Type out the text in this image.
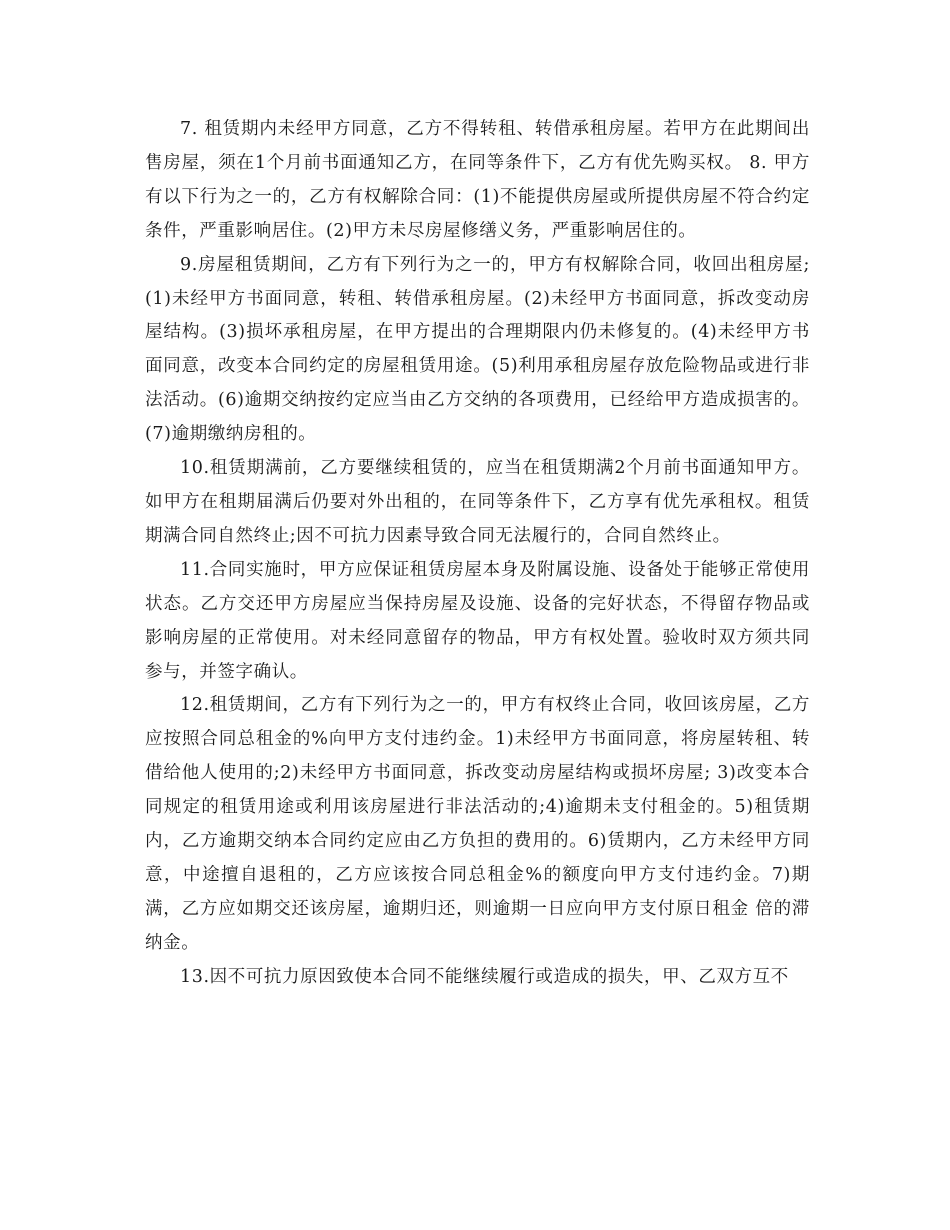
7. 租赁期内未经甲方同意，乙方不得转租、转借承租房屋。若甲方在此期间出售房屋，须在1个月前书面通知乙方，在同等条件下，乙方有优先购买权。 8. 甲方有以下行为之一的，乙方有权解除合同：(1)不能提供房屋或所提供房屋不符合约定条件，严重影响居住。(2)甲方未尽房屋修缮义务，严重影响居住的。

9.房屋租赁期间，乙方有下列行为之一的，甲方有权解除合同，收回出租房屋;(1)未经甲方书面同意，转租、转借承租房屋。(2)未经甲方书面同意，拆改变动房屋结构。(3)损坏承租房屋，在甲方提出的合理期限内仍未修复的。(4)未经甲方书面同意，改变本合同约定的房屋租赁用途。(5)利用承租房屋存放危险物品或进行非法活动。(6)逾期交纳按约定应当由乙方交纳的各项费用，已经给甲方造成损害的。(7)逾期缴纳房租的。

10.租赁期满前，乙方要继续租赁的，应当在租赁期满2个月前书面通知甲方。如甲方在租期届满后仍要对外出租的，在同等条件下，乙方享有优先承租权。租赁期满合同自然终止;因不可抗力因素导致合同无法履行的，合同自然终止。

11.合同实施时，甲方应保证租赁房屋本身及附属设施、设备处于能够正常使用状态。乙方交还甲方房屋应当保持房屋及设施、设备的完好状态，不得留存物品或影响房屋的正常使用。对未经同意留存的物品，甲方有权处置。验收时双方须共同参与，并签字确认。

12.租赁期间，乙方有下列行为之一的，甲方有权终止合同，收回该房屋，乙方应按照合同总租金的%向甲方支付违约金。1)未经甲方书面同意，将房屋转租、转借给他人使用的;2)未经甲方书面同意，拆改变动房屋结构或损坏房屋; 3)改变本合同规定的租赁用途或利用该房屋进行非法活动的;4)逾期未支付租金的。5)租赁期内，乙方逾期交纳本合同约定应由乙方负担的费用的。6)赁期内，乙方未经甲方同意，中途擅自退租的，乙方应该按合同总租金%的额度向甲方支付违约金。7)期满，乙方应如期交还该房屋，逾期归还，则逾期一日应向甲方支付原日租金 倍的滞纳金。

13.因不可抗力原因致使本合同不能继续履行或造成的损失，甲、乙双方互不
